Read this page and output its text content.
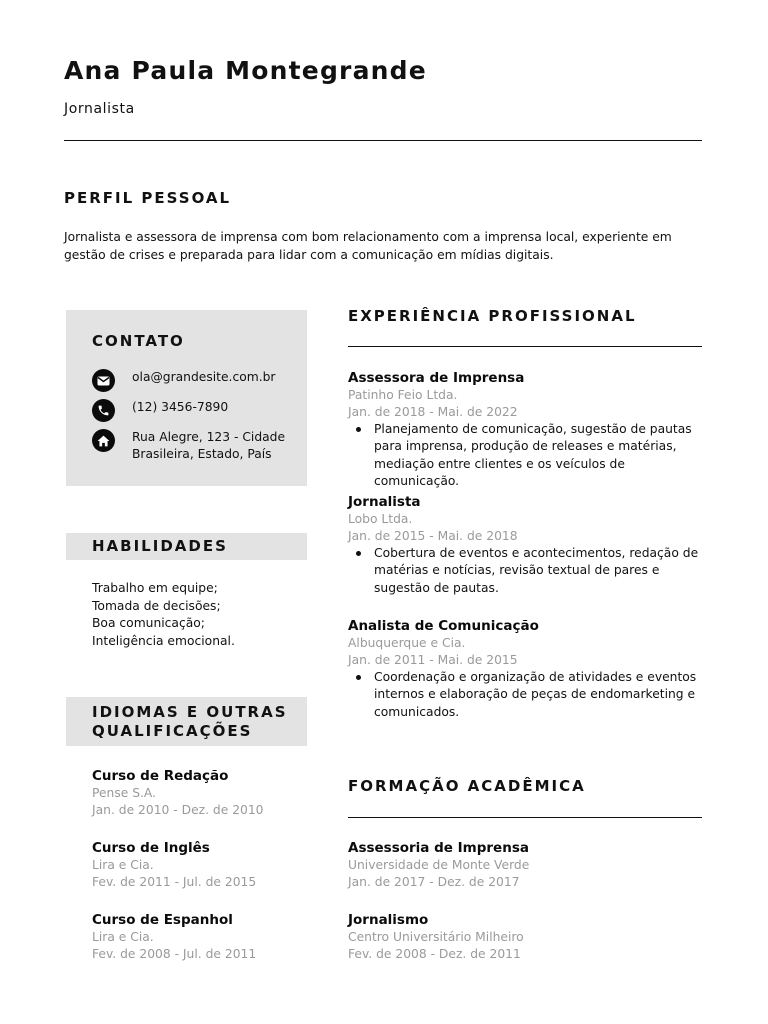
Ana Paula Montegrande
Jornalista
PERFIL PESSOAL
Jornalista e assessora de imprensa com bom relacionamento com a imprensa local, experiente em gestão de crises e preparada para lidar com a comunicação em mídias digitais.
CONTATO
ola@grandesite.com.br
(12) 3456-7890
Rua Alegre, 123 - Cidade Brasileira, Estado, País
HABILIDADES
Trabalho em equipe;
Tomada de decisões;
Boa comunicação;
Inteligência emocional.
IDIOMAS E OUTRAS
QUALIFICAÇÕES
Curso de Redação
Pense S.A.
Jan. de 2010 - Dez. de 2010
Curso de Inglês
Lira e Cia.
Fev. de 2011 - Jul. de 2015
Curso de Espanhol
Lira e Cia.
Fev. de 2008 - Jul. de 2011
EXPERIÊNCIA PROFISSIONAL
Assessora de Imprensa
Patinho Feio Ltda.
Jan. de 2018 - Mai. de 2022
Planejamento de comunicação, sugestão de pautas para imprensa, produção de releases e matérias, mediação entre clientes e os veículos de comunicação.
Jornalista
Lobo Ltda.
Jan. de 2015 - Mai. de 2018
Cobertura de eventos e acontecimentos, redação de matérias e notícias, revisão textual de pares e sugestão de pautas.
Analista de Comunicação
Albuquerque e Cia.
Jan. de 2011 - Mai. de 2015
Coordenação e organização de atividades e eventos internos e elaboração de peças de endomarketing e comunicados.
FORMAÇÃO ACADÊMICA
Assessoria de Imprensa
Universidade de Monte Verde
Jan. de 2017 - Dez. de 2017
Jornalismo
Centro Universitário Milheiro
Fev. de 2008 - Dez. de 2011
